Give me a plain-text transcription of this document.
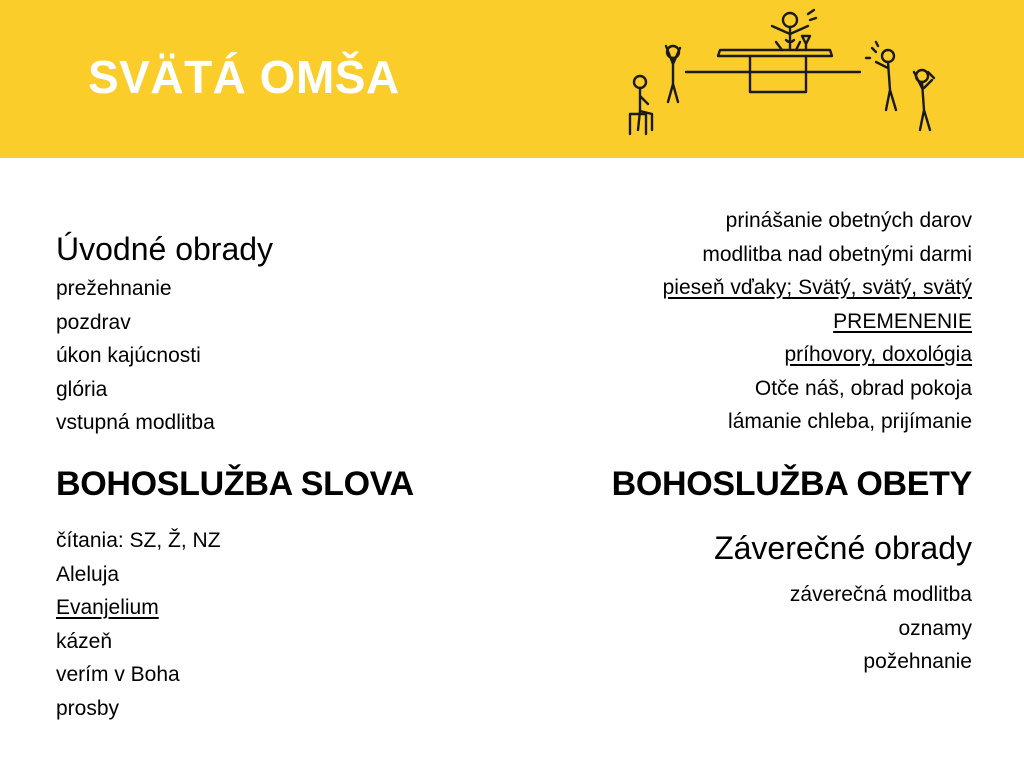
SVÄTÁ OMŠA
Úvodné obrady
prežehnanie
pozdrav
úkon kajúcnosti
glória
vstupná modlitba
BOHOSLUŽBA SLOVA
čítania: SZ, Ž, NZ
Aleluja
Evanjelium
kázeň
verím v Boha
prosby
prinášanie obetných darov
modlitba nad obetnými darmi
pieseň vďaky; Svätý, svätý, svätý
PREMENENIE
príhovory, doxológia
Otče náš, obrad pokoja
lámanie chleba, prijímanie
BOHOSLUŽBA OBETY
Záverečné obrady
záverečná modlitba
oznamy
požehnanie
